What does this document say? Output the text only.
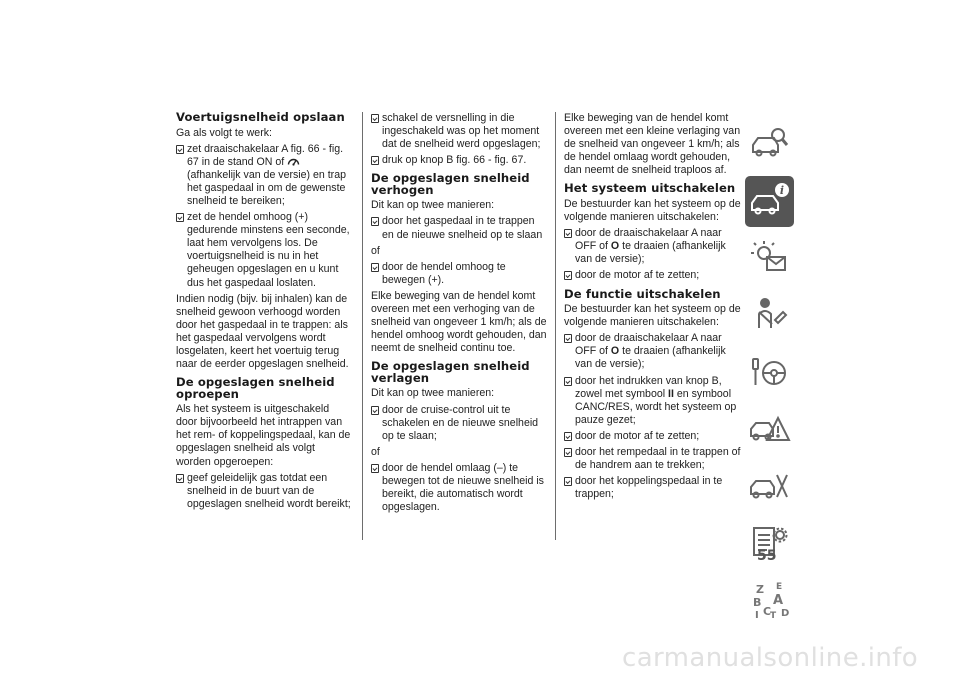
Voertuigsnelheid opslaan

Ga als volgt te werk:

zet draaischakelaar A fig. 66 - fig. 67 in de stand ON of  (afhankelijk van de versie) en trap het gaspedaal in om de gewenste snelheid te bereiken;
zet de hendel omhoog (+) gedurende minstens een seconde, laat hem vervolgens los. De voertuigsnelheid is nu in het geheugen opgeslagen en u kunt dus het gaspedaal loslaten.

Indien nodig (bijv. bij inhalen) kan de snelheid gewoon verhoogd worden door het gaspedaal in te trappen: als het gaspedaal vervolgens wordt losgelaten, keert het voertuig terug naar de eerder opgeslagen snelheid.

De opgeslagen snelheid oproepen

Als het systeem is uitgeschakeld door bijvoorbeeld het intrappen van het rem- of koppelingspedaal, kan de opgeslagen snelheid als volgt worden opgeroepen:

geef geleidelijk gas totdat een snelheid in de buurt van de opgeslagen snelheid wordt bereikt;
schakel de versnelling in die ingeschakeld was op het moment dat de snelheid werd opgeslagen;
druk op knop B fig. 66 - fig. 67.
De opgeslagen snelheid verhogen

Dit kan op twee manieren:

door het gaspedaal in te trappen en de nieuwe snelheid op te slaan

of

door de hendel omhoog te bewegen (+).

Elke beweging van de hendel komt overeen met een verhoging van de snelheid van ongeveer 1 km/h; als de hendel omhoog wordt gehouden, dan neemt de snelheid continu toe.

De opgeslagen snelheid verlagen

Dit kan op twee manieren:

door de cruise-control uit te schakelen en de nieuwe snelheid op te slaan;

of

door de hendel omlaag (–) te bewegen tot de nieuwe snelheid is bereikt, die automatisch wordt opgeslagen.

Elke beweging van de hendel komt overeen met een kleine verlaging van de snelheid van ongeveer 1 km/h; als de hendel omlaag wordt gehouden, dan neemt de snelheid traploos af.

Het systeem uitschakelen

De bestuurder kan het systeem op de volgende manieren uitschakelen:

door de draaischakelaar A naar OFF of O te draaien (afhankelijk van de versie);
door de motor af te zetten;
De functie uitschakelen

De bestuurder kan het systeem op de volgende manieren uitschakelen:

door de draaischakelaar A naar OFF of O te draaien (afhankelijk van de versie);
door het indrukken van knop B, zowel met symbool II en symbool CANC/RES, wordt het systeem op pauze gezet;
door de motor af te zetten;
door het rempedaal in te trappen of de handrem aan te trekken;
door het koppelingspedaal in te trappen;
i
Z E
A
B
C
T D
I
55
carmanualsonline.info
